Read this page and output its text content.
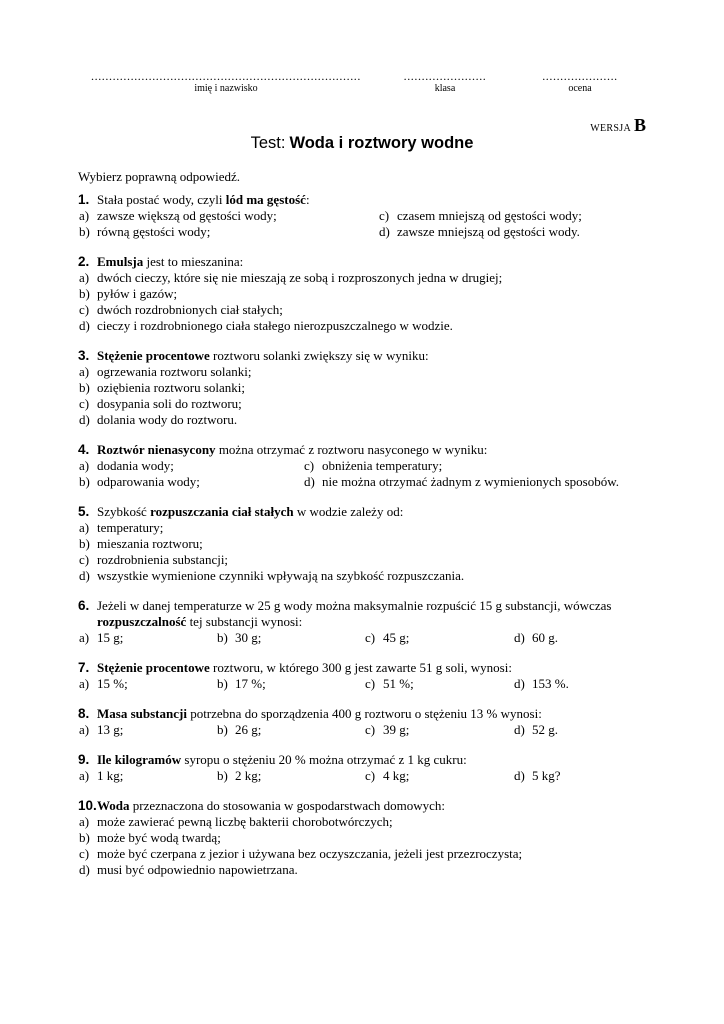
...........................................................................
imię i nazwisko
.......................
klasa
.....................
ocena
WERSJA B
Test: Woda i roztwory wodne
Wybierz poprawną odpowiedź.
1. Stała postać wody, czyli lód ma gęstość:
a) zawsze większą od gęstości wody;	c) czasem mniejszą od gęstości wody;
b) równą gęstości wody;	d) zawsze mniejszą od gęstości wody.
2. Emulsja jest to mieszanina:
a) dwóch cieczy, które się nie mieszają ze sobą i rozproszonych jedna w drugiej;
b) pyłów i gazów;
c) dwóch rozdrobnionych ciał stałych;
d) cieczy i rozdrobnionego ciała stałego nierozpuszczalnego w wodzie.
3. Stężenie procentowe roztworu solanki zwiększy się w wyniku:
a) ogrzewania roztworu solanki;
b) oziębienia roztworu solanki;
c) dosypania soli do roztworu;
d) dolania wody do roztworu.
4. Roztwór nienasycony można otrzymać z roztworu nasyconego w wyniku:
a) dodania wody;	c) obniżenia temperatury;
b) odparowania wody;	d) nie można otrzymać żadnym z wymienionych sposobów.
5. Szybkość rozpuszczania ciał stałych w wodzie zależy od:
a) temperatury;
b) mieszania roztworu;
c) rozdrobnienia substancji;
d) wszystkie wymienione czynniki wpływają na szybkość rozpuszczania.
6. Jeżeli w danej temperaturze w 25 g wody można maksymalnie rozpuścić 15 g substancji, wówczas
rozpuszczalność tej substancji wynosi:
a) 15 g;	b) 30 g;	c) 45 g;	d) 60 g.
7. Stężenie procentowe roztworu, w którego 300 g jest zawarte 51 g soli, wynosi:
a) 15 %;	b) 17 %;	c) 51 %;	d) 153 %.
8. Masa substancji potrzebna do sporządzenia 400 g roztworu o stężeniu 13 % wynosi:
a) 13 g;	b) 26 g;	c) 39 g;	d) 52 g.
9. Ile kilogramów syropu o stężeniu 20 % można otrzymać z 1 kg cukru:
a) 1 kg;	b) 2 kg;	c) 4 kg;	d) 5 kg?
10. Woda przeznaczona do stosowania w gospodarstwach domowych:
a) może zawierać pewną liczbę bakterii chorobotwórczych;
b) może być wodą twardą;
c) może być czerpana z jezior i używana bez oczyszczania, jeżeli jest przezroczysta;
d) musi być odpowiednio napowietrzana.
